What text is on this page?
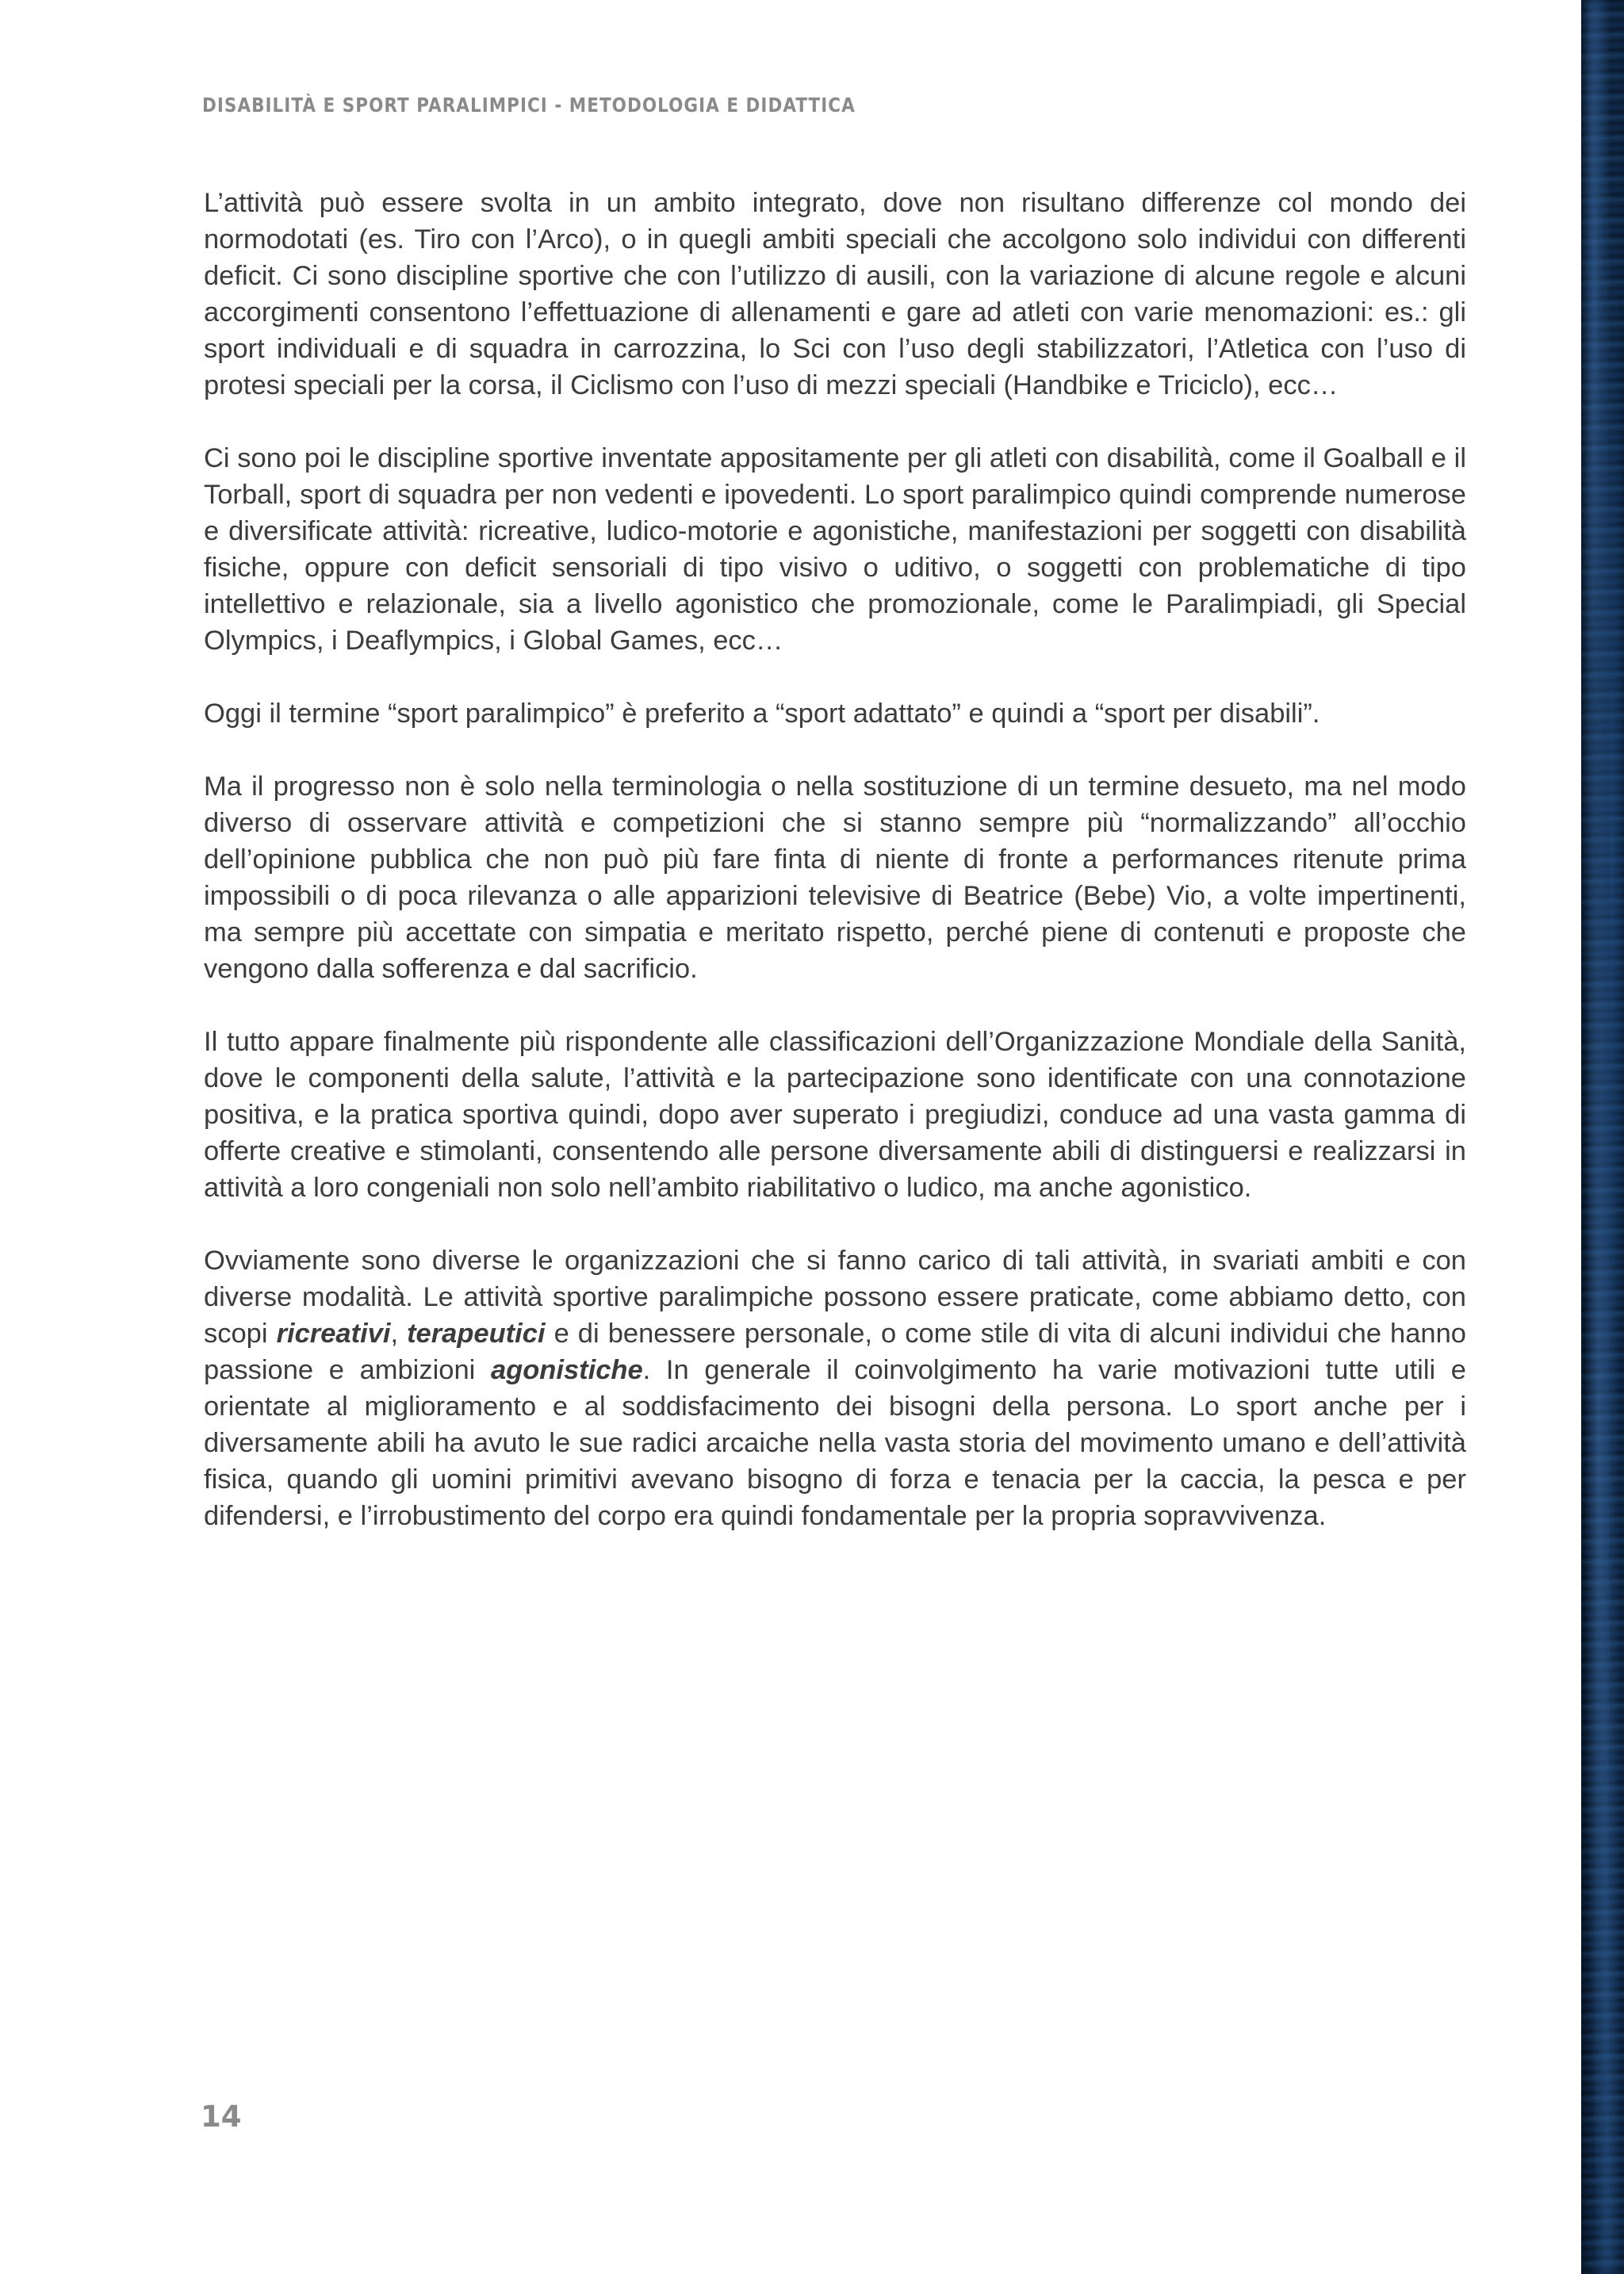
DISABILITÀ E SPORT PARALIMPICI - METODOLOGIA E DIDATTICA

L’attività può essere svolta in un ambito integrato, dove non risultano differenze col mondo dei normodotati (es. Tiro con l’Arco), o in quegli ambiti speciali che accolgono solo individui con differenti deficit. Ci sono discipline sportive che con l’utilizzo di ausili, con la variazione di alcune regole e alcuni accorgimenti consentono l’effettuazione di allenamenti e gare ad atleti con varie menomazioni: es.: gli sport individuali e di squadra in carrozzina, lo Sci con l’uso degli stabilizzatori, l’Atletica con l’uso di protesi speciali per la corsa, il Ciclismo con l’uso di mezzi speciali (Handbike e Triciclo), ecc…

Ci sono poi le discipline sportive inventate appositamente per gli atleti con disabilità, come il Goalball e il Torball, sport di squadra per non vedenti e ipovedenti. Lo sport paralimpico quindi comprende numerose e diversificate attività: ricreative, ludico-motorie e agonistiche, manifestazioni per soggetti con disabilità fisiche, oppure con deficit sensoriali di tipo visivo o uditivo, o soggetti con problematiche di tipo intellettivo e relazionale, sia a livello agonistico che promozionale, come le Paralimpiadi, gli Special Olympics, i Deaflympics, i Global Games, ecc…

Oggi il termine “sport paralimpico” è preferito a “sport adattato” e quindi a “sport per disabili”.

Ma il progresso non è solo nella terminologia o nella sostituzione di un termine desueto, ma nel modo diverso di osservare attività e competizioni che si stanno sempre più “normalizzando” all’occhio dell’opinione pubblica che non può più fare finta di niente di fronte a performances ritenute prima impossibili o di poca rilevanza o alle apparizioni televisive di Beatrice (Bebe) Vio, a volte impertinenti, ma sempre più accettate con simpatia e meritato rispetto, perché piene di contenuti e proposte che vengono dalla sofferenza e dal sacrificio.

Il tutto appare finalmente più rispondente alle classificazioni dell’Organizzazione Mondiale della Sanità, dove le componenti della salute, l’attività e la partecipazione sono identificate con una connotazione positiva, e la pratica sportiva quindi, dopo aver superato i pregiudizi, conduce ad una vasta gamma di offerte creative e stimolanti, consentendo alle persone diversamente abili di distinguersi e realizzarsi in attività a loro congeniali non solo nell’ambito riabilitativo o ludico, ma anche agonistico.

Ovviamente sono diverse le organizzazioni che si fanno carico di tali attività, in svariati ambiti e con diverse modalità. Le attività sportive paralimpiche possono essere praticate, come abbiamo detto, con scopi ricreativi, terapeutici e di benessere personale, o come stile di vita di alcuni individui che hanno passione e ambizioni agonistiche. In generale il coinvolgimento ha varie motivazioni tutte utili e orientate al miglioramento e al soddisfacimento dei bisogni della persona. Lo sport anche per i diversamente abili ha avuto le sue radici arcaiche nella vasta storia del movimento umano e dell’attività fisica, quando gli uomini primitivi avevano bisogno di forza e tenacia per la caccia, la pesca e per difendersi, e l’irrobustimento del corpo era quindi fondamentale per la propria sopravvivenza.

14
